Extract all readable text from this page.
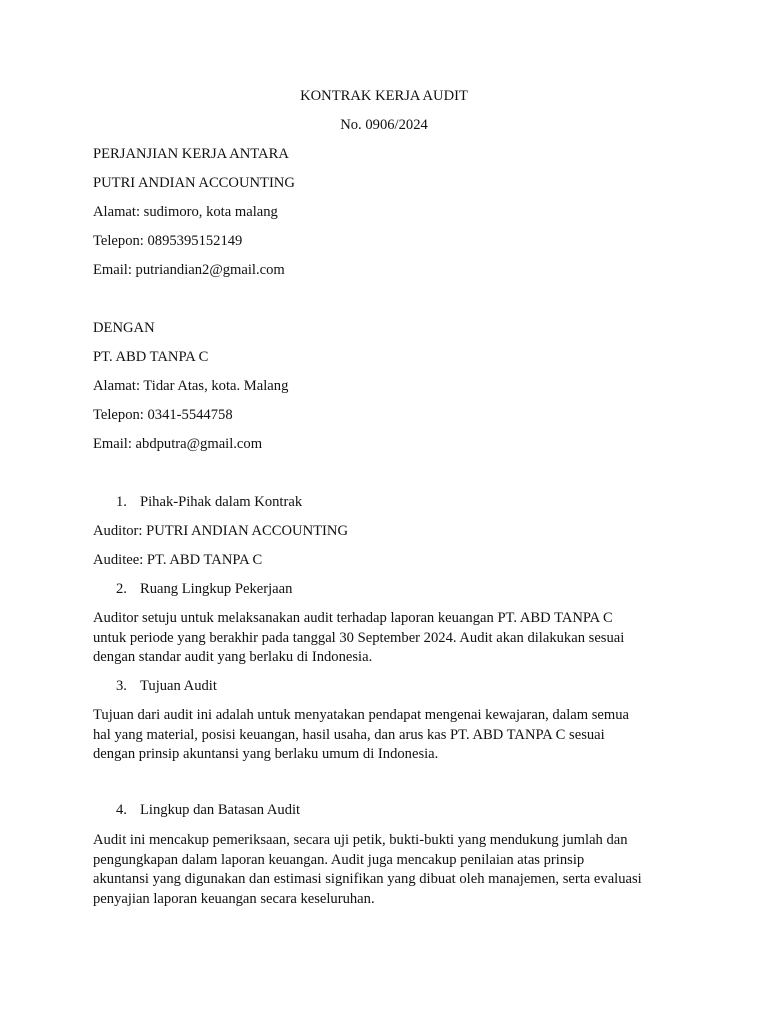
KONTRAK KERJA AUDIT
No. 0906/2024
PERJANJIAN KERJA ANTARA
PUTRI ANDIAN ACCOUNTING
Alamat: sudimoro, kota malang
Telepon: 0895395152149
Email: putriandian2@gmail.com
DENGAN
PT. ABD TANPA C
Alamat: Tidar Atas, kota. Malang
Telepon: 0341-5544758
Email: abdputra@gmail.com
1. Pihak-Pihak dalam Kontrak
Auditor: PUTRI ANDIAN ACCOUNTING
Auditee: PT. ABD TANPA C
2. Ruang Lingkup Pekerjaan
Auditor setuju untuk melaksanakan audit terhadap laporan keuangan PT. ABD TANPA C
untuk periode yang berakhir pada tanggal 30 September 2024. Audit akan dilakukan sesuai
dengan standar audit yang berlaku di Indonesia.
3. Tujuan Audit
Tujuan dari audit ini adalah untuk menyatakan pendapat mengenai kewajaran, dalam semua
hal yang material, posisi keuangan, hasil usaha, dan arus kas PT. ABD TANPA C sesuai
dengan prinsip akuntansi yang berlaku umum di Indonesia.
4. Lingkup dan Batasan Audit
Audit ini mencakup pemeriksaan, secara uji petik, bukti-bukti yang mendukung jumlah dan
pengungkapan dalam laporan keuangan. Audit juga mencakup penilaian atas prinsip
akuntansi yang digunakan dan estimasi signifikan yang dibuat oleh manajemen, serta evaluasi
penyajian laporan keuangan secara keseluruhan.
